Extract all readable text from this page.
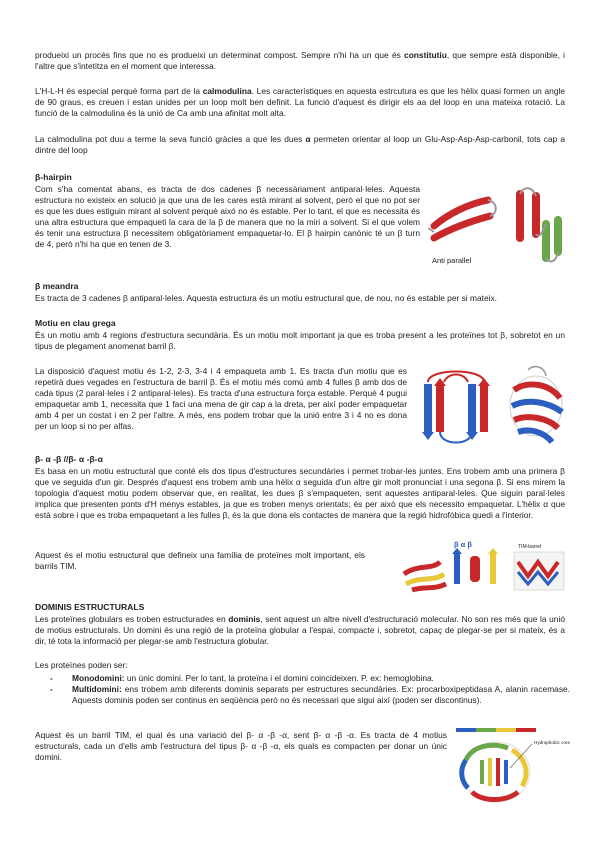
produeixi un procés fins que no es produeixi un determinat compost. Sempre n'hi ha un que és constitutiu, que sempre està disponible, i l'altre que s'intetitza en el moment que interessa.

L'H-L-H és especial perquè forma part de la calmodulina. Les característiques en aquesta estrcutura es que les hèlix quasi formen un angle de 90 graus, es creuen i estan unides per un loop molt ben definit. La funció d'aquest és dirigir els aa del loop en una mateixa rotació. La funció de la calmodulina és la unió de Ca amb una afinitat molt alta.

La calmodulina pot duu a terme la seva funció gràcies a que les dues α permeten orientar al loop un Glu-Asp-Asp-Asp-carbonil, tots cap a dintre del loop

β-hairpin

Com s'ha comentat abans, es tracta de dos cadenes β necessàriament antiparal·leles. Aquesta estructura no existeix en solució ja que una de les cares està mirant al solvent, però el que no pot ser es que les dues estiguin mirant al solvent perquè aixó no és estable. Per lo tant, el que es necessita és una altra estructura que empaqueti la cara de la β de manera que no la miri a solvent. Si el que volem és tenir una estructura β necessitem obligatòriament empaquetar-lo. El β hairpin canònic té un β turn de 4, però n'hi ha que en tenen de 3.

Anti parallel
β meandra

Es tracta de 3 cadenes β antiparal·leles. Aquesta estructura és un motiu estructural que, de nou, no és estable per si mateix.

Motiu en clau grega

És un motiu amb 4 regions d'estructura secundària. És un motiu molt important ja que es troba present a les proteïnes tot β, sobretot en un tipus de plegament anomenat barril β.

La disposició d'aquest motiu és 1-2, 2-3, 3-4 i 4 empaqueta amb 1. Es tracta d'un motiu que es repetirà dues vegades en l'estructura de barril β. És el motiu més comú amb 4 fulles β amb dos de cada tipus (2 paral·leles i 2 antiparal·leles). Es tracta d'una estructura força estable. Perquè 4 pugui empaquetar amb 1, necessita que 1 faci una mena de gir cap a la dreta, per així poder empaquetar amb 4 per un costat i en 2 per l'altre. A més, ens podem trobar que la unió entre 3 i 4 no es dona per un loop si no per alfas.

β- α -β //β- α -β-α

Es basa en un motiu estructural que conté els dos tipus d'estructures secundàries i permet trobar-les juntes. Ens trobem amb una primera β que ve seguida d'un gir. Després d'aquest ens trobem amb una hèlix α seguida d'un altre gir molt pronunciat i una segona β. Si ens mirem la topologia d'aquest motiu podem observar que, en realitat, les dues β s'empaqueten, sent aquestes antiparal·leles. Que siguin paral·leles implica que presenten ponts d'H menys estables, ja que es troben menys orientats; és per això que els necessito empaquetar. L'hèlix α que està sobre i que es troba empaquetant a les fulles β, és la que dona els contactes de manera que la regió hidrofòbica quedi a l'interior.

Aquest és el motiu estructural que defineix una família de proteïnes molt important, els barrils TIM.

β α β	TIM-barrel
DOMINIS ESTRUCTURALS

Les proteïnes globulars es troben estructurades en dominis, sent aquest un altre nivell d'estructuració molecular. No son res més que la unió de motius estructurals. Un domini és una regió de la proteïna globular a l'espai, compacte i, sobretot, capaç de plegar-se per si mateix, és a dir, té tota la informació per plegar-se amb l'estructura globular.

Les proteïnes poden ser:

- Monodomini: un únic domini. Per lo tant, la proteïna i el domini coincideixen. P. ex: hemoglobina.
- Multidomini: ens trobem amb diferents dominis separats per estructures secundàries. Ex: procarboxipeptidasa A, alanin racemase. Aquests dominis poden ser continus en seqüència però no és necessari que sigui així (poden ser discontinus).

Aquest és un barril TIM, el qual és una variació del β- α -β -α, sent β- α -β -α. Es tracta de 4 motius estructurals, cada un d'ells amb l'estructura del tipus β- α -β -α, els quals es compacten per donar un únic domini.

Hydrophobic core
